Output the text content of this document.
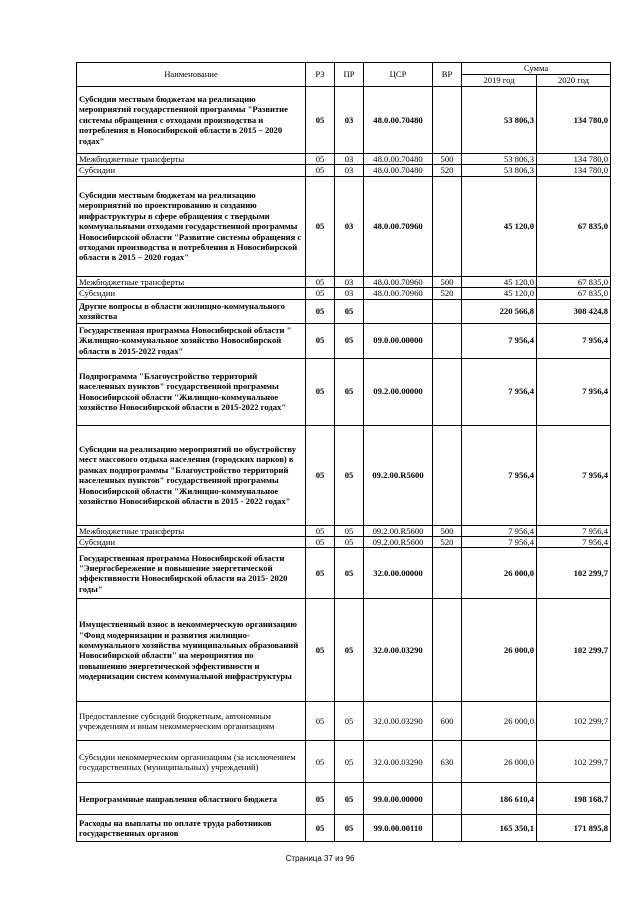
Наименование	РЗ	ПР	ЦСР	ВР	Сумма	
					2019 год	2020 год
Субсидии местным бюджетам на реализацию мероприятий государственной программы "Развитие системы обращения с отходами производства и потребления в Новосибирской области в 2015 – 2020 годах"	05	03	48.0.00.70480		53 806,3	134 780,0
Межбюджетные трансферты	05	03	48.0.00.70480	500	53 806,3	134 780,0
Субсидии	05	03	48.0.00.70480	520	53 806,3	134 780,0
Субсидии местным бюджетам на реализацию мероприятий по проектированию и созданию инфраструктуры в сфере обращения с твердыми коммунальными отходами государственной программы Новосибирской области "Развитие системы обращения с отходами производства и потребления в Новосибирской области в 2015 – 2020 годах"	05	03	48.0.00.70960		45 120,0	67 835,0
Межбюджетные трансферты	05	03	48.0.00.70960	500	45 120,0	67 835,0
Субсидии	05	03	48.0.00.70960	520	45 120,0	67 835,0
Другие вопросы в области жилищно-коммунального хозяйства	05	05			220 566,8	308 424,8
Государственная программа Новосибирской области " Жилищно-коммунальное хозяйство Новосибирской области в 2015-2022 годах"	05	05	09.0.00.00000		7 956,4	7 956,4
Подпрограмма "Благоустройство территорий населенных пунктов" государственной программы Новосибирской области "Жилищно-коммунальное хозяйство Новосибирской области в 2015-2022 годах"	05	05	09.2.00.00000		7 956,4	7 956,4
Субсидии на реализацию мероприятий по обустройству мест массового отдыха населения (городских парков) в рамках подпрограммы "Благоустройство территорий населенных пунктов" государственной программы Новосибирской области "Жилищно-коммунальное хозяйство Новосибирской области в 2015 - 2022 годах"	05	05	09.2.00.R5600		7 956,4	7 956,4
Межбюджетные трансферты	05	05	09.2.00.R5600	500	7 956,4	7 956,4
Субсидии	05	05	09.2.00.R5600	520	7 956,4	7 956,4
Государственная программа Новосибирской области "Энергосбережение и повышение энергетической эффективности Новосибирской области на 2015- 2020 годы"	05	05	32.0.00.00000		26 000,0	102 299,7
Имущественный взнос в некоммерческую организацию "Фонд модернизации и развития жилищно-коммунального хозяйства муниципальных образований Новосибирской области" на мероприятия по повышению энергетической эффективности и модернизации систем коммунальной инфраструктуры	05	05	32.0.00.03290		26 000,0	102 299,7
Предоставление субсидий бюджетным, автономным учреждениям и иным некоммерческим организациям	05	05	32.0.00.03290	600	26 000,0	102 299,7
Субсидии некоммерческим организациям (за исключением государственных (муниципальных) учреждений)	05	05	32.0.00.03290	630	26 000,0	102 299,7
Непрограммные направления областного бюджета	05	05	99.0.00.00000		186 610,4	198 168,7
Расходы на выплаты по оплате труда работников государственных органов	05	05	99.0.00.00110		165 350,1	171 895,8
Страница 37 из 96
